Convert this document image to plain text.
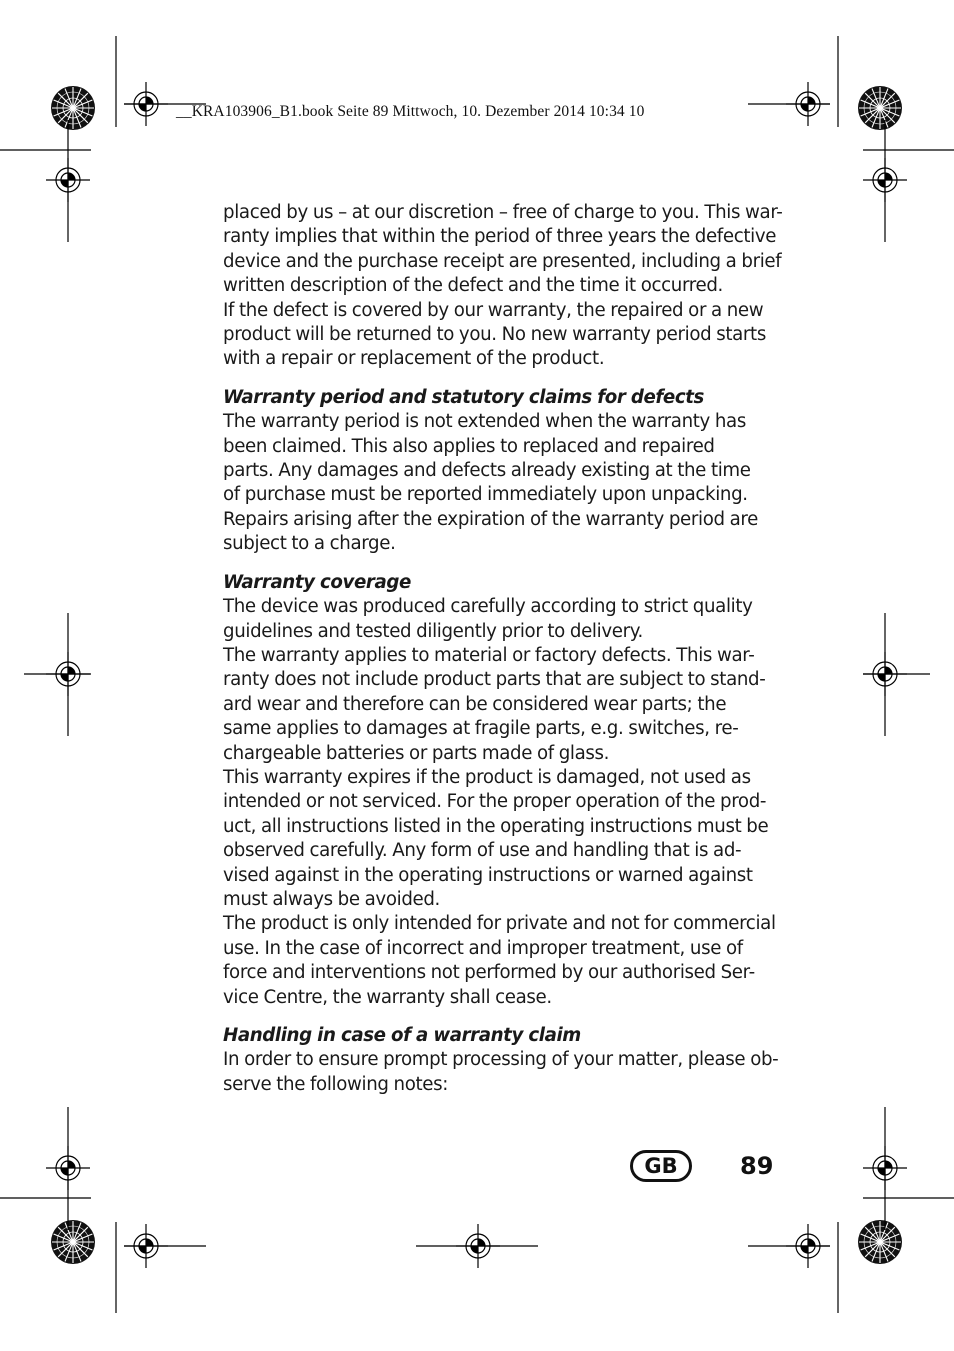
__KRA103906_B1.book Seite 89 Mittwoch, 10. Dezember 2014 10:34 10
placed by us – at our discretion – free of charge to you. This war-
ranty implies that within the period of three years the defective
device and the purchase receipt are presented, including a brief
written description of the defect and the time it occurred.
If the defect is covered by our warranty, the repaired or a new
product will be returned to you. No new warranty period starts
with a repair or replacement of the product.
Warranty period and statutory claims for defects
The warranty period is not extended when the warranty has
been claimed. This also applies to replaced and repaired
parts. Any damages and defects already existing at the time
of purchase must be reported immediately upon unpacking.
Repairs arising after the expiration of the warranty period are
subject to a charge.
Warranty coverage
The device was produced carefully according to strict quality
guidelines and tested diligently prior to delivery.
The warranty applies to material or factory defects. This war-
ranty does not include product parts that are subject to stand-
ard wear and therefore can be considered wear parts; the
same applies to damages at fragile parts, e.g. switches, re-
chargeable batteries or parts made of glass.
This warranty expires if the product is damaged, not used as
intended or not serviced. For the proper operation of the prod-
uct, all instructions listed in the operating instructions must be
observed carefully. Any form of use and handling that is ad-
vised against in the operating instructions or warned against
must always be avoided.
The product is only intended for private and not for commercial
use. In the case of incorrect and improper treatment, use of
force and interventions not performed by our authorised Ser-
vice Centre, the warranty shall cease.
Handling in case of a warranty claim
In order to ensure prompt processing of your matter, please ob-
serve the following notes:
GB	89
